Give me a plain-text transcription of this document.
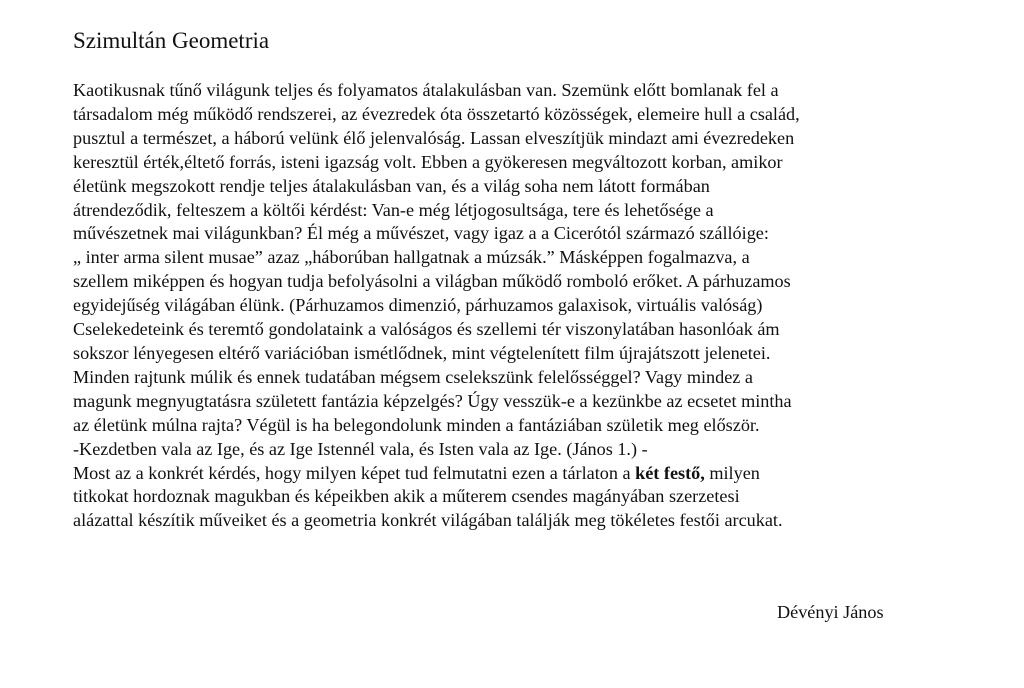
Szimultán Geometria
Kaotikusnak tűnő világunk teljes és folyamatos átalakulásban van. Szemünk előtt bomlanak fel a
társadalom még működő rendszerei, az évezredek óta összetartó közösségek, elemeire hull a család,
pusztul a természet, a háború velünk élő jelenvalóság. Lassan elveszítjük mindazt ami évezredeken
keresztül érték,éltető forrás, isteni igazság volt. Ebben a gyökeresen megváltozott korban, amikor
életünk megszokott rendje teljes átalakulásban van, és a világ soha nem látott formában
átrendeződik, felteszem a költői kérdést: Van-e még létjogosultsága, tere és lehetősége a
művészetnek mai világunkban? Él még a művészet, vagy igaz a a Cicerótól származó szállóige:
„ inter arma silent musae” azaz „háborúban hallgatnak a múzsák.” Másképpen fogalmazva, a
szellem miképpen és hogyan tudja befolyásolni a világban működő romboló erőket. A párhuzamos
egyidejűség világában élünk. (Párhuzamos dimenzió, párhuzamos galaxisok, virtuális valóság)
Cselekedeteink és teremtő gondolataink a valóságos és szellemi tér viszonylatában hasonlóak ám
sokszor lényegesen eltérő variációban ismétlődnek, mint végtelenített film újrajátszott jelenetei.
Minden rajtunk múlik és ennek tudatában mégsem cselekszünk felelősséggel? Vagy mindez a
magunk megnyugtatásra született fantázia képzelgés? Úgy vesszük-e a kezünkbe az ecsetet mintha
az életünk múlna rajta? Végül is ha belegondolunk minden a fantáziában születik meg először.
-Kezdetben vala az Ige, és az Ige Istennél vala, és Isten vala az Ige. (János 1.) -
Most az a konkrét kérdés, hogy milyen képet tud felmutatni ezen a tárlaton a két festő, milyen
titkokat hordoznak magukban és képeikben akik a műterem csendes magányában szerzetesi
alázattal készítik műveiket és a geometria konkrét világában találják meg tökéletes festői arcukat.
Dévényi János
